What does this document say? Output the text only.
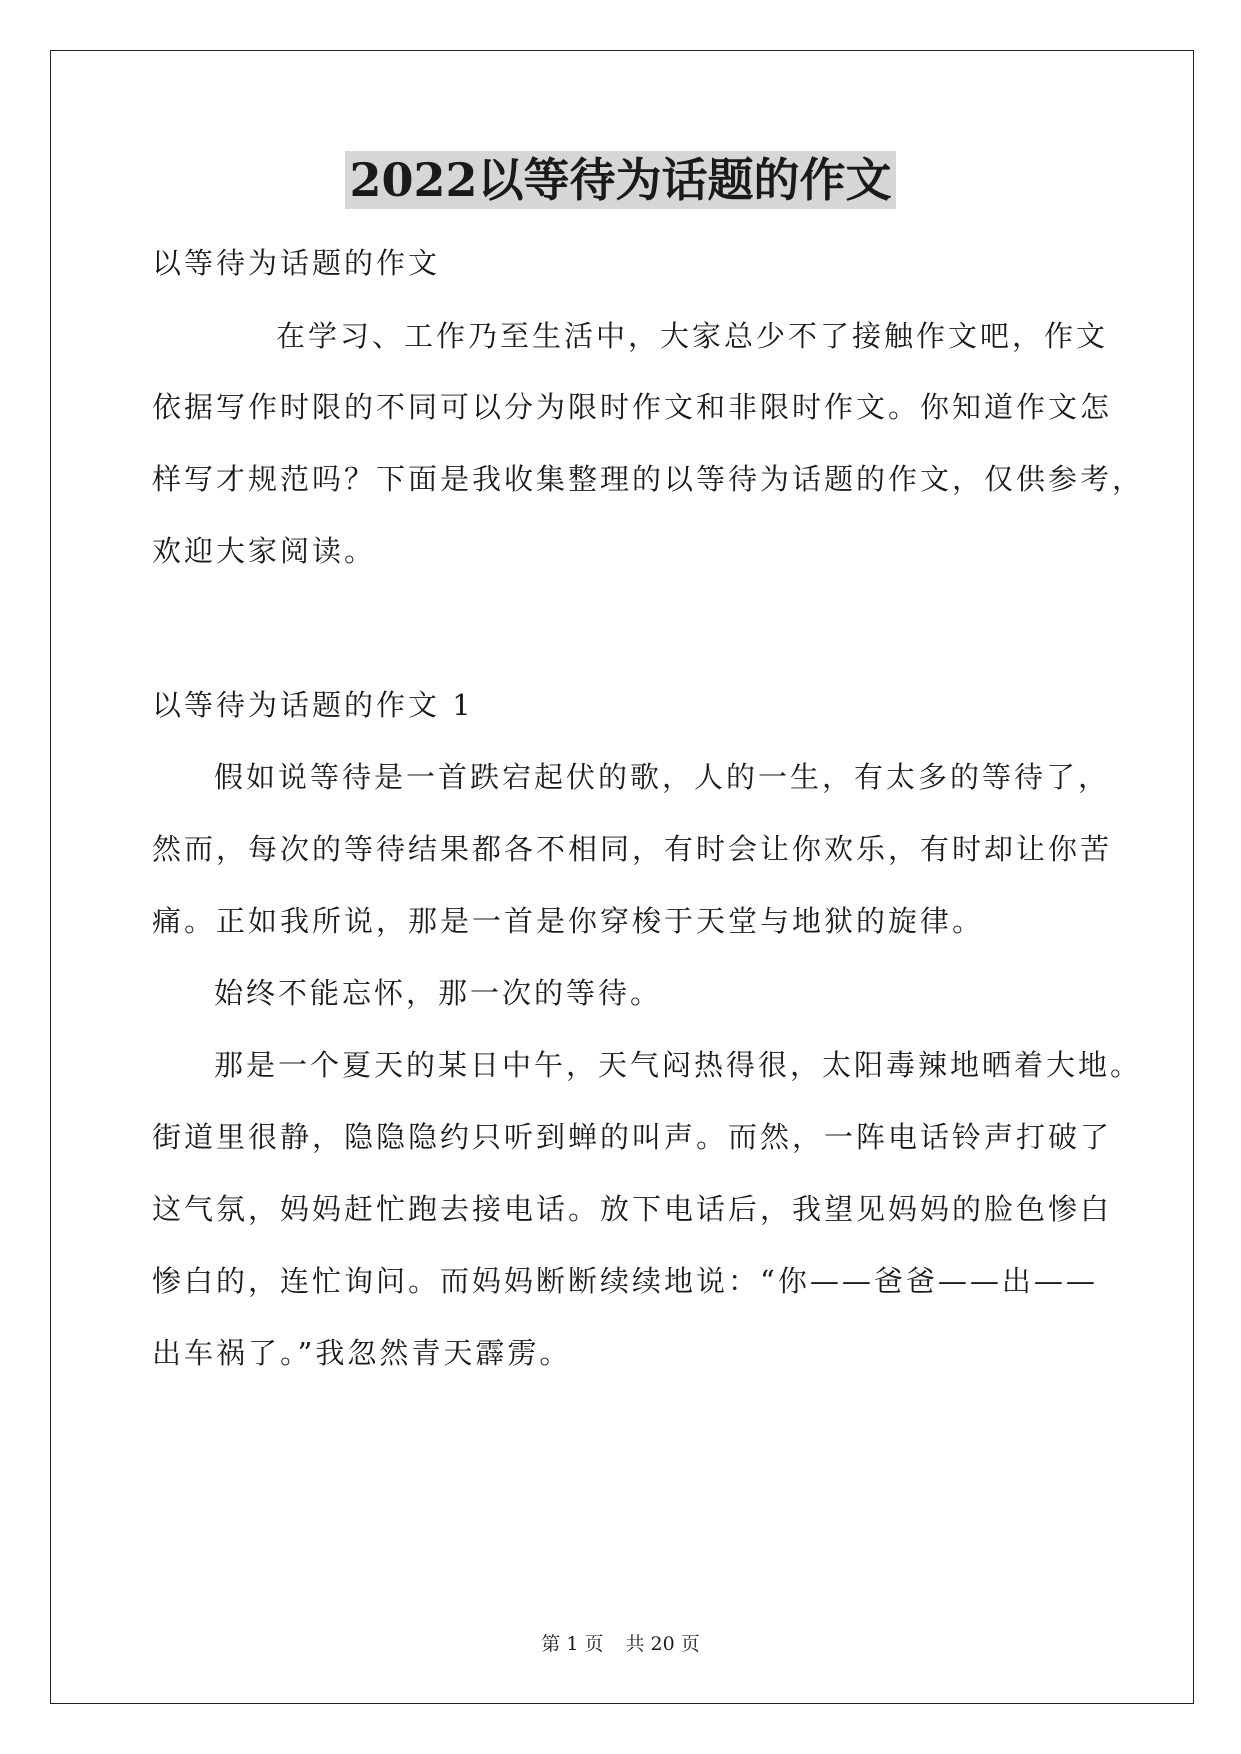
2022以等待为话题的作文
以等待为话题的作文
在学习、工作乃至生活中，大家总少不了接触作文吧，作文
依据写作时限的不同可以分为限时作文和非限时作文。你知道作文怎
样写才规范吗？下面是我收集整理的以等待为话题的作文，仅供参考，
欢迎大家阅读。
以等待为话题的作文 1
假如说等待是一首跌宕起伏的歌，人的一生，有太多的等待了，
然而，每次的等待结果都各不相同，有时会让你欢乐，有时却让你苦
痛。正如我所说，那是一首是你穿梭于天堂与地狱的旋律。
始终不能忘怀，那一次的等待。
那是一个夏天的某日中午，天气闷热得很，太阳毒辣地晒着大地。
街道里很静，隐隐隐约只听到蝉的叫声。而然，一阵电话铃声打破了
这气氛，妈妈赶忙跑去接电话。放下电话后，我望见妈妈的脸色惨白
惨白的，连忙询问。而妈妈断断续续地说：“你——爸爸——出——
出车祸了。”我忽然青天霹雳。
第 1 页 共 20 页
